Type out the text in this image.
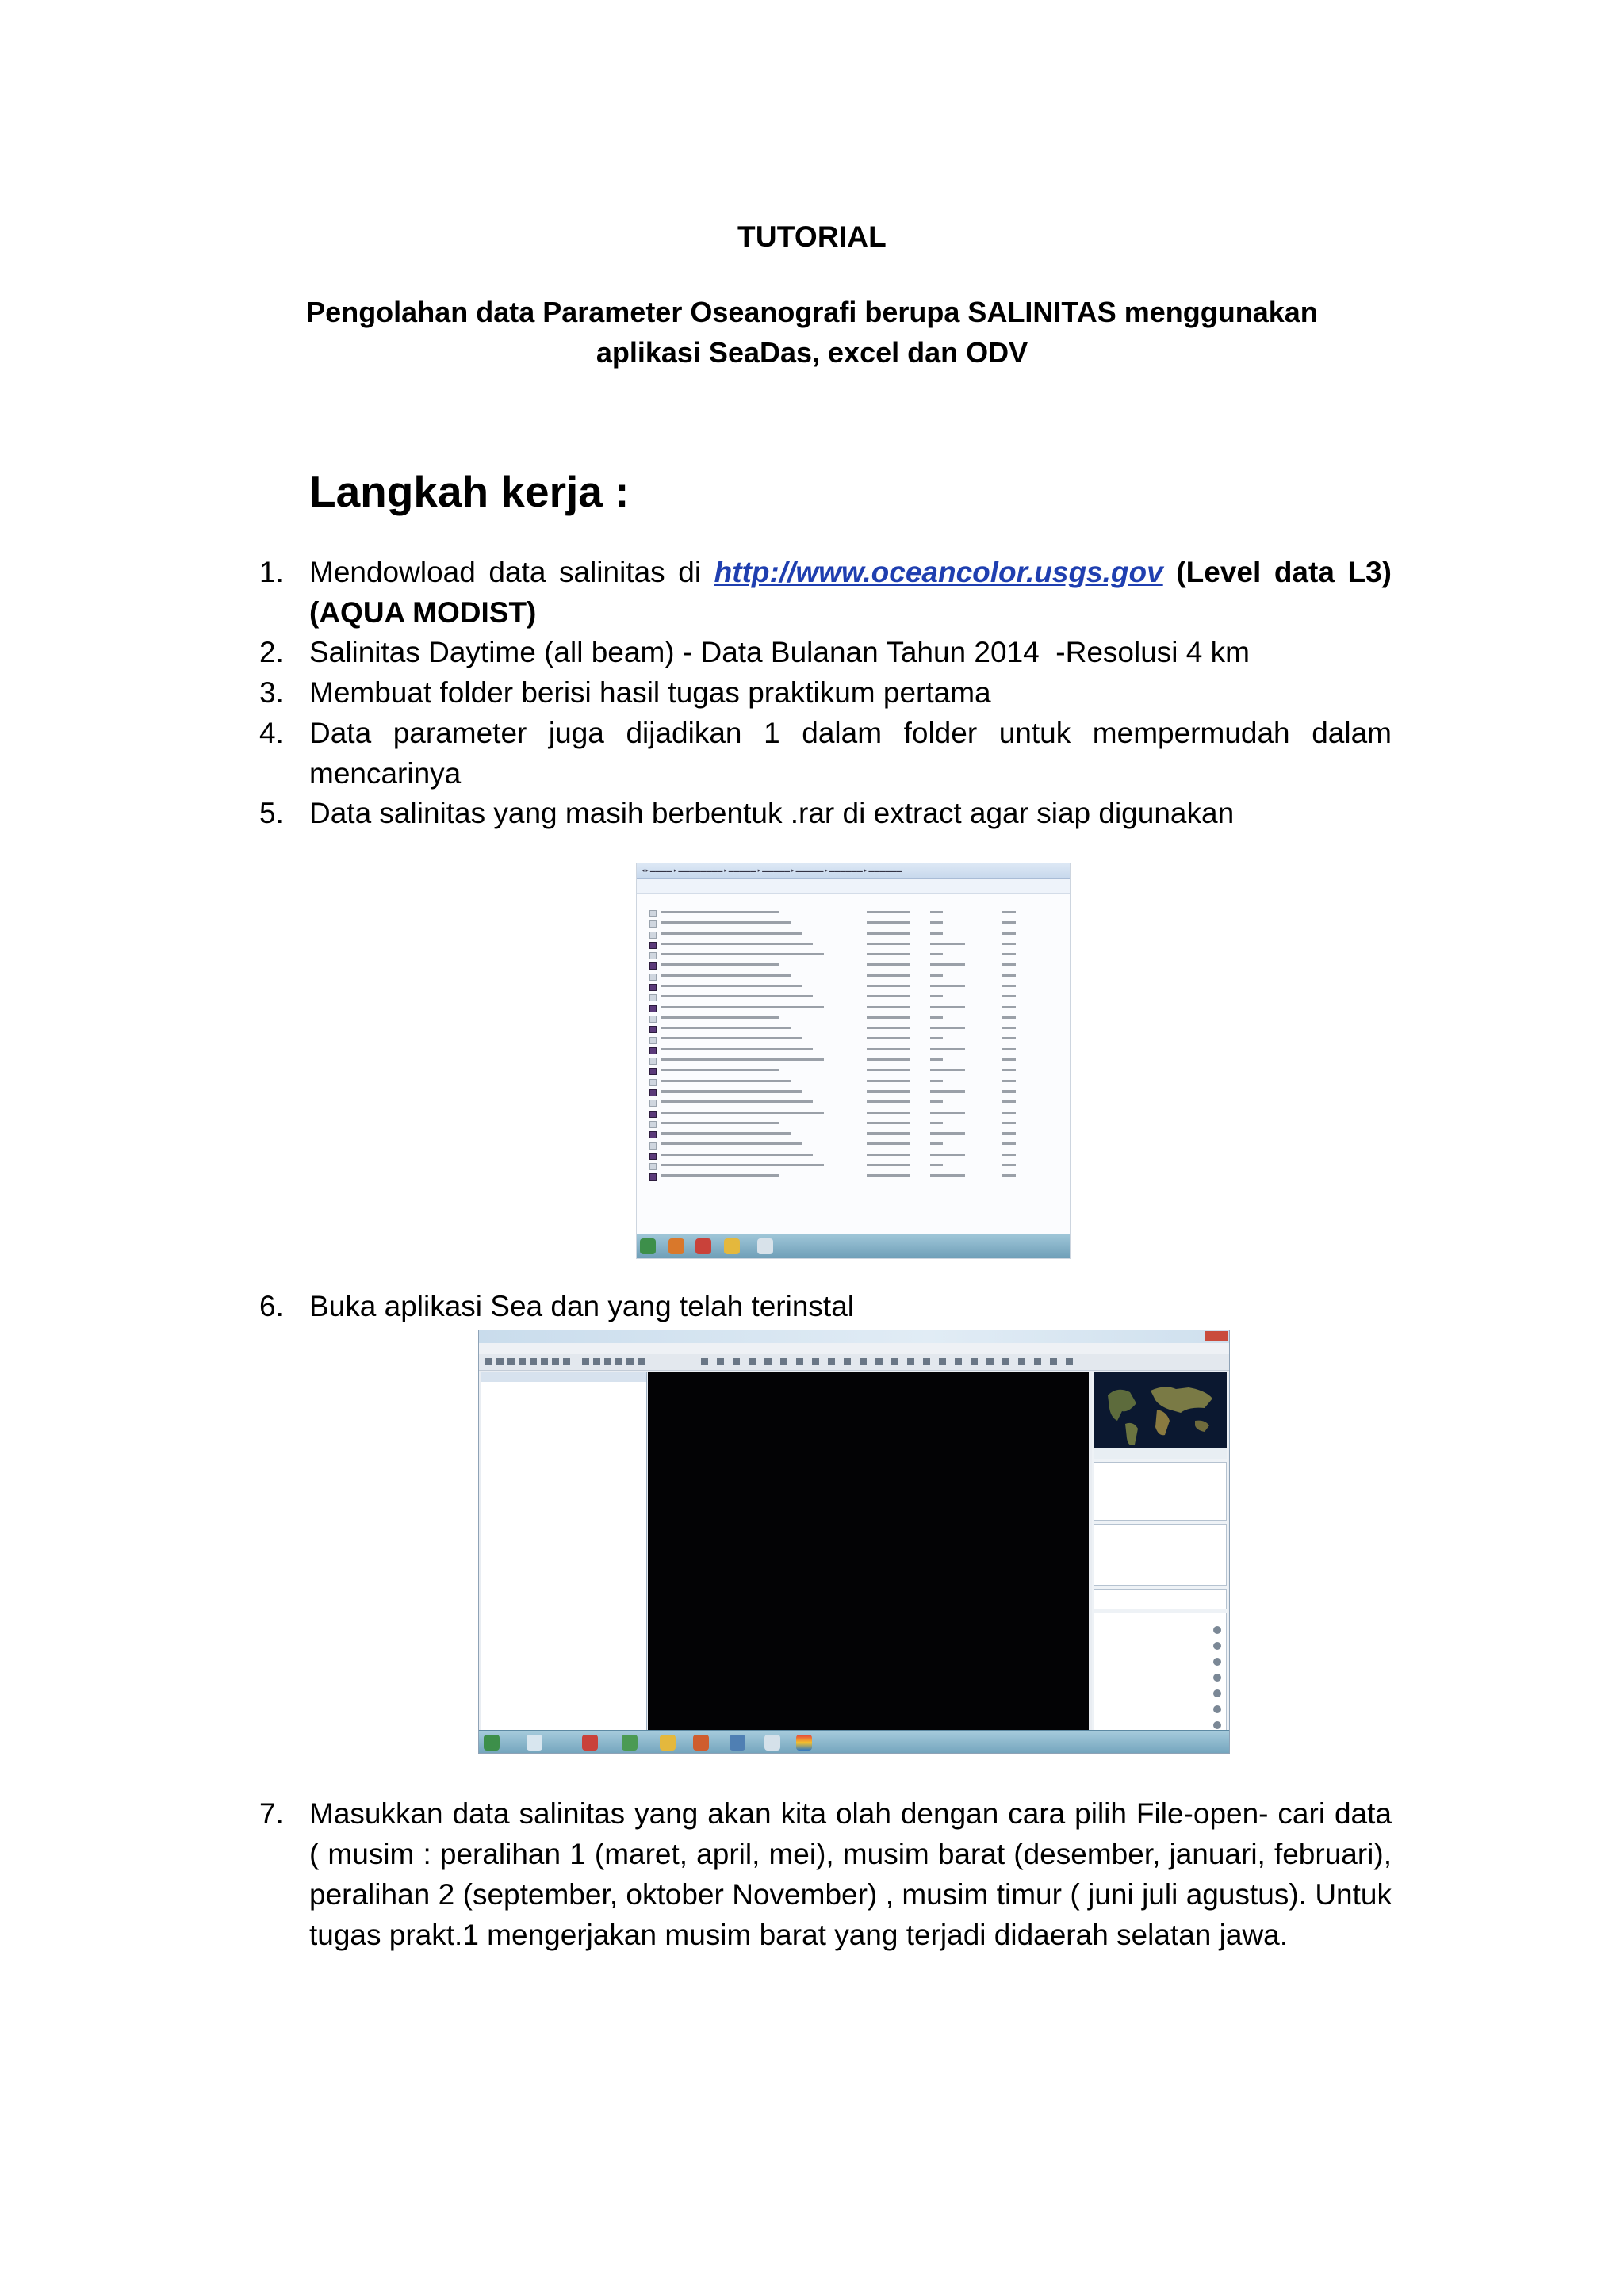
TUTORIAL
Pengolahan data Parameter Oseanografi berupa SALINITAS menggunakan
aplikasi SeaDas, excel dan ODV
Langkah kerja :
1. Mendowload data salinitas di http://www.oceancolor.usgs.gov (Level data L3) (AQUA MODIST)
2. Salinitas Daytime (all beam) - Data Bulanan Tahun 2014  -Resolusi 4 km
3. Membuat folder berisi hasil tugas praktikum pertama
4. Data parameter juga dijadikan 1 dalam folder untuk mempermudah dalam mencarinya
5. Data salinitas yang masih berbentuk .rar di extract agar siap digunakan
◂ ▸ ▬▬▬▬ ▸ ▬▬▬▬▬▬▬▬ ▸ ▬▬▬▬▬ ▸ ▬▬▬▬▬ ▸ ▬▬▬▬▬ ▸ ▬▬▬▬▬▬ ▸ ▬▬▬▬▬▬
6. Buka aplikasi Sea dan yang telah terinstal
7. Masukkan data salinitas yang akan kita olah dengan cara pilih File-open- cari data ( musim : peralihan 1 (maret, april, mei), musim barat (desember, januari, februari), peralihan 2 (september, oktober November) , musim timur ( juni juli agustus). Untuk tugas prakt.1 mengerjakan musim barat yang terjadi didaerah selatan jawa.
